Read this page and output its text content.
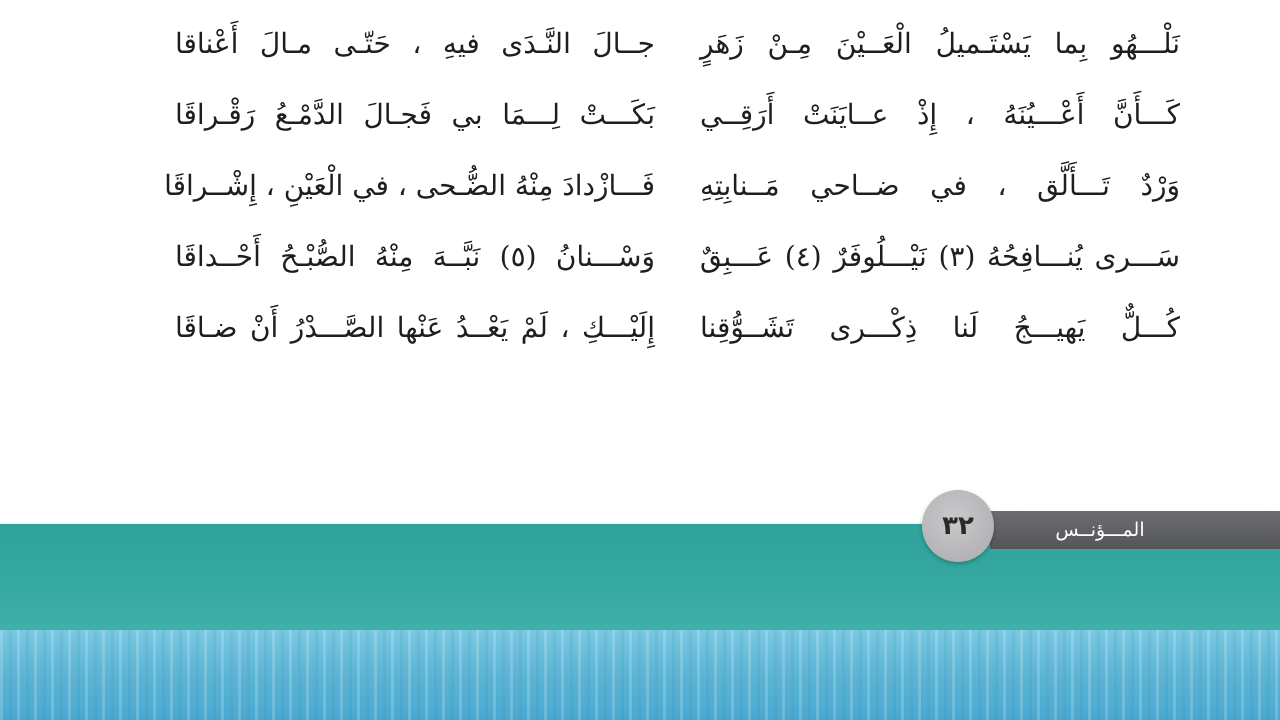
نَلْـــهُو بِما يَسْتَـميلُ الْعَــيْنَ مِـنْ زَهَرٍ
جــالَ النَّـدَى فيهِ ، حَتّـى مـالَ أَعْناقا
كَـــأَنَّ أَعْـــيُنَهُ ، إِذْ عــايَنَتْ أَرَقِــي
بَكَـــتْ لِـــمَا بي فَجـالَ الدَّمْـعُ رَقْـراقَا
وَرْدٌ تَـــأَلَّق ، في ضــاحي مَــنابِتِهِ
فَـــازْدادَ مِنْهُ الضُّـحى ، في الْعَيْنِ ، إِشْــراقَا
سَـــرى يُنـــافِحُهُ (٣) نَيْـــلُوفَرٌ (٤) عَـــبِقٌ
وَسْـــنانُ (٥) نَبَّــهَ مِنْهُ الصُّبْـحُ أَحْــداقَا
كُـــلٌّ يَهيـــجُ لَنا ذِكْـــرى تَشَــوُّقِنا
إِلَيْـــكِ ، لَمْ يَعْــدُ عَنْها الصَّـــدْرُ أَنْ ضـاقَا
المـــؤنــس
٣٢
